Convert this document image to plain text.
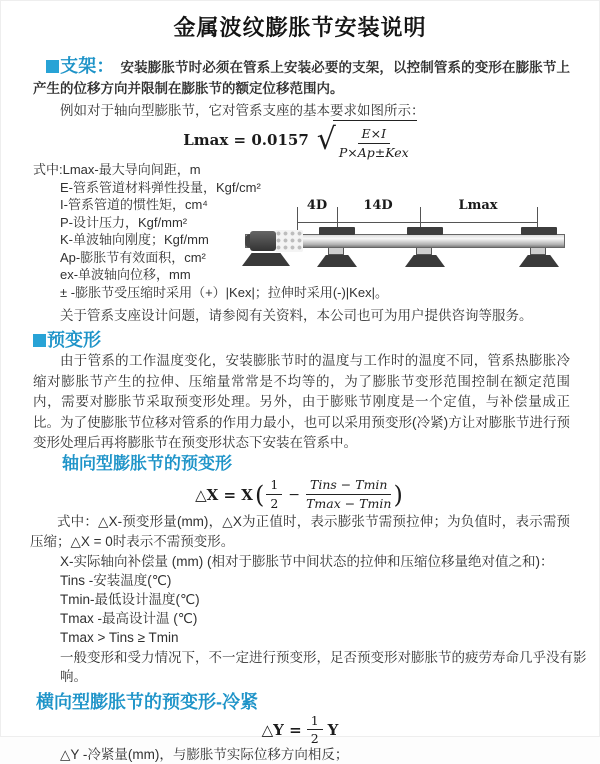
金属波纹膨胀节安装说明

支架： 安装膨胀节时必须在管系上安装必要的支架，以控制管系的变形在膨胀节上产生的位移方向并限制在膨胀节的额定位移范围内。

例如对于轴向型膨胀节，它对管系支座的基本要求如图所示：

Lmax = 0.0157 √ $\frac{E\times I}{\text{P×Ap±Kex}}$
式中:Lmax-最大导向间距，m
E-管系管道材料弹性投量，Kgf/cm²
I-管系管道的惯性矩，cm⁴
P-设计压力，Kgf/mm²
K-单波轴向刚度；Kgf/mm
Ap-膨胀节有效面积，cm²
ex-单波轴向位移，mm
± -膨胀节受压缩时采用（+）|Kex|；拉伸时采用(-)|Kex|。
4D	14D	Lmax

关于管系支座设计问题，请参阅有关资料，本公司也可为用户提供咨询等服务。

预变形

由于管系的工作温度变化，安装膨胀节时的温度与工作时的温度不同，管系热膨胀冷缩对膨胀节产生的拉伸、压缩量常常是不均等的，为了膨胀节变形范围控制在额定范围内，需要对膨胀节采取预变形处理。另外，由于膨账节刚度是一个定值，与补偿量成正比。为了使膨胀节位移对管系的作用力最小，也可以采用预变形(冷紧)方让对膨胀节进行预变形处理后再将膨胀节在预变形状态下安装在管系中。

轴向型膨胀节的预变形
△X = X ( $\frac{1}{2} - \frac{\text{Tins − Tmin}}{Tmax - Tmin}$ )

式中：△X-预变形量(mm)，△X为正值时，表示膨张节需预拉伸；为负值时，表示需预压缩；△X = 0时表示不需预变形。

X-实际轴向补偿量 (mm) (相对于膨胀节中间状态的拉伸和压缩位移量绝对值之和)：
Tins -安装温度(℃)
Tmin-最低设计温度(℃)
Tmax -最高设计温 (℃)
Tmax > Tins ≥ Tmin
一般变形和受力情况下，不一定进行预变形，足否预变形对膨胀节的疲劳寿命几乎没有影响。
横向型膨胀节的预变形-冷紧
△Y = $\frac{1}{2}$ Y

△Y -冷紧量(mm)，与膨胀节实际位移方向相反；
